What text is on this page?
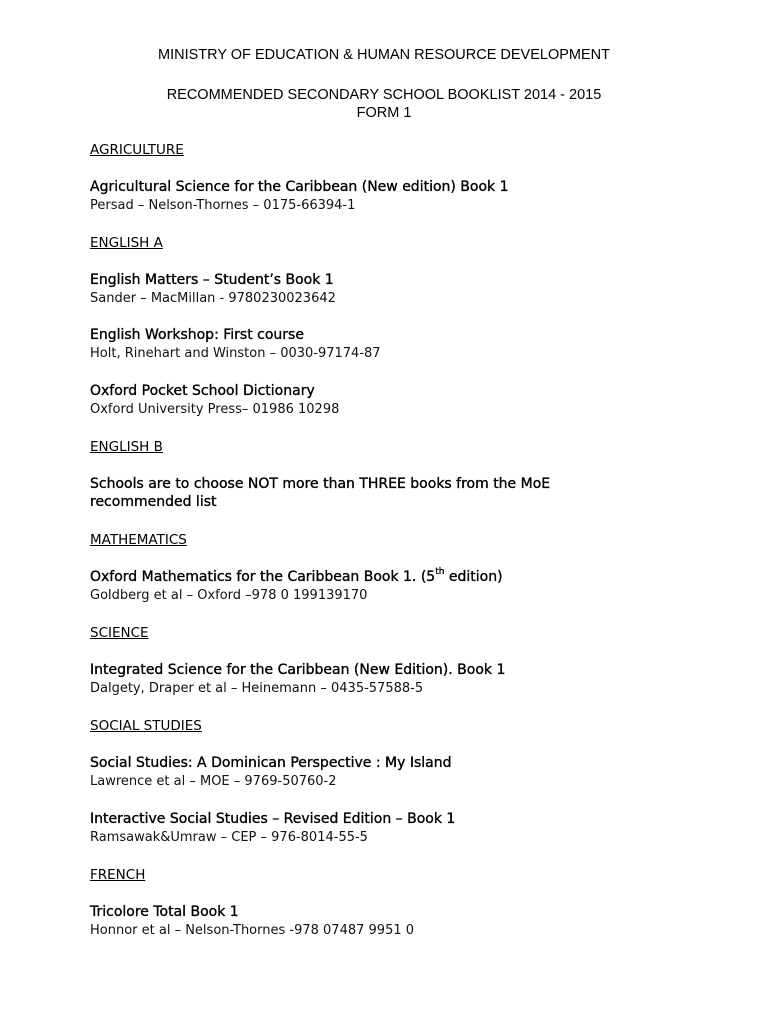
MINISTRY OF EDUCATION & HUMAN RESOURCE DEVELOPMENT
RECOMMENDED SECONDARY SCHOOL BOOKLIST 2014 - 2015
FORM 1
AGRICULTURE
Agricultural Science for the Caribbean (New edition) Book 1
Persad – Nelson-Thornes – 0175-66394-1
ENGLISH A
English Matters – Student’s Book 1
Sander – MacMillan - 9780230023642
English Workshop: First course
Holt, Rinehart and Winston – 0030-97174-87
Oxford Pocket School Dictionary
Oxford University Press– 01986 10298
ENGLISH B
Schools are to choose NOT more than THREE books from the MoE
recommended list
MATHEMATICS
Oxford Mathematics for the Caribbean Book 1. (5th edition)
Goldberg et al – Oxford –978 0 199139170
SCIENCE
Integrated Science for the Caribbean (New Edition). Book 1
Dalgety, Draper et al – Heinemann – 0435-57588-5
SOCIAL STUDIES
Social Studies: A Dominican Perspective : My Island
Lawrence et al – MOE – 9769-50760-2
Interactive Social Studies – Revised Edition – Book 1
Ramsawak&Umraw – CEP – 976-8014-55-5
FRENCH
Tricolore Total Book 1
Honnor et al – Nelson-Thornes -978 07487 9951 0
